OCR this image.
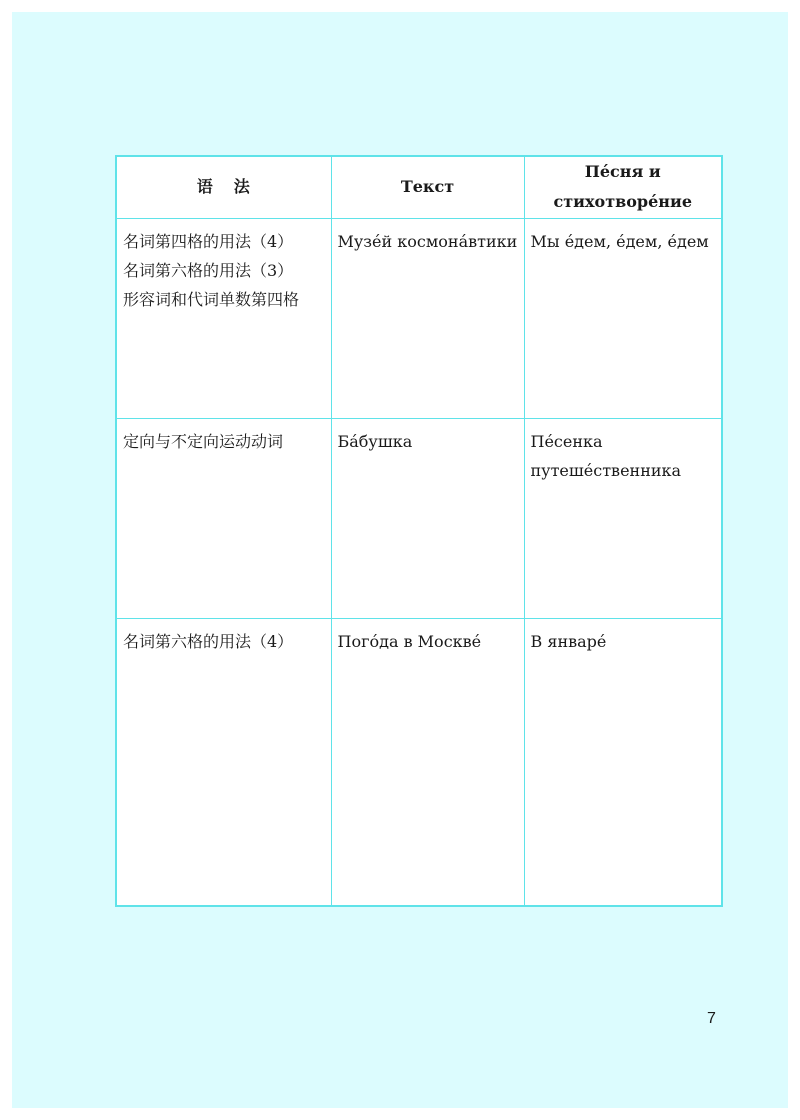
语 法	Текст	Пе́сня и
стихотворе́ние

名词第四格的用法（4）
名词第六格的用法（3）
形容词和代词单数第四格	Музе́й космона́втики	Мы е́дем, е́дем, е́дем

定向与不定向运动动词	Ба́бушка	Пе́сенка
путеше́ственника

名词第六格的用法（4）	Пого́да в Москве́	В январе́
7
